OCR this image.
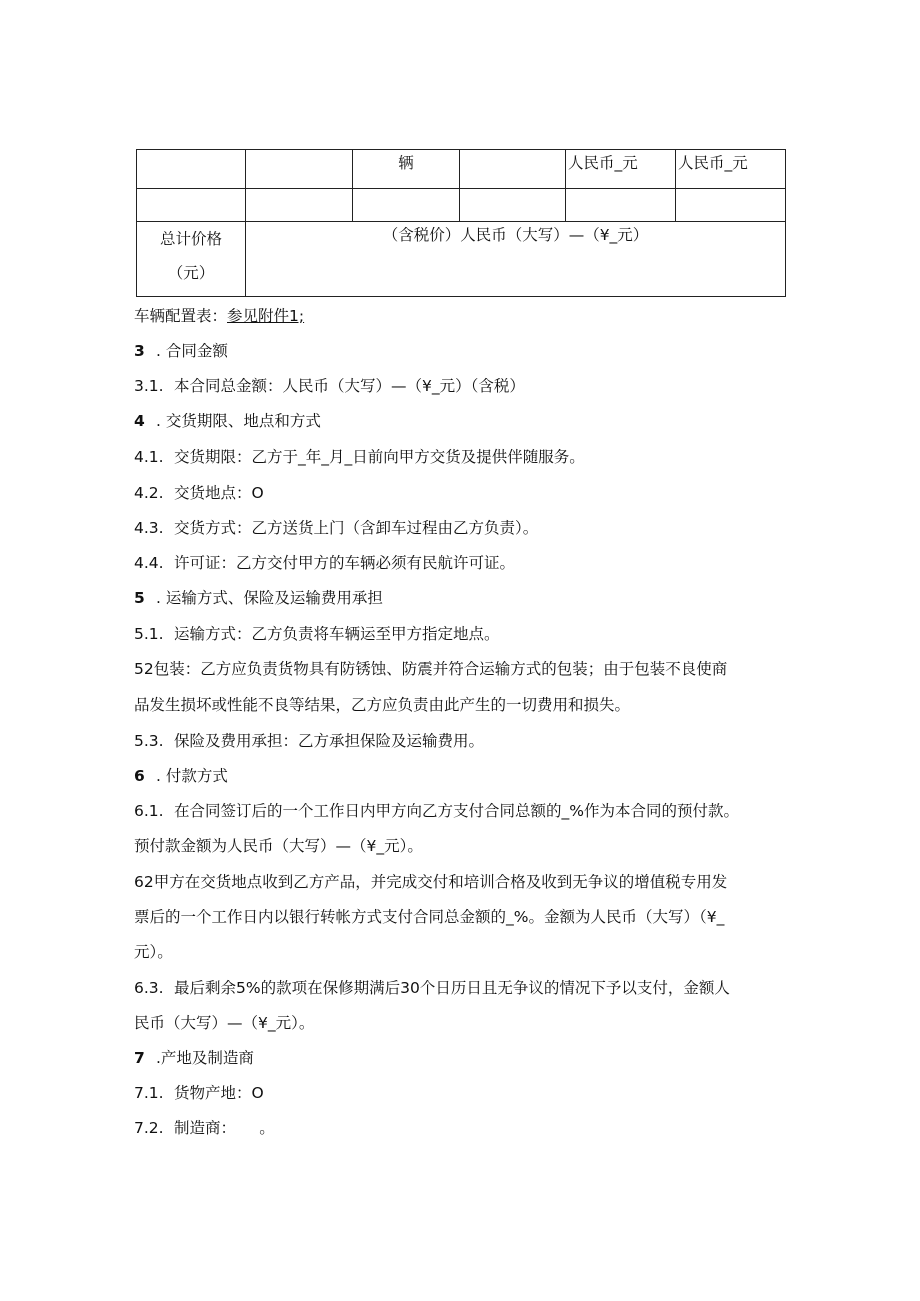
		辆		人民币_元	人民币_元

总计价格
（元）	（含税价）人民币（大写）—（¥_元）				
车辆配置表：参见附件1;
3 . 合同金额
3.1. 本合同总金额：人民币（大写）—（¥_元）（含税）
4 . 交货期限、地点和方式
4.1. 交货期限：乙方于_年_月_日前向甲方交货及提供伴随服务。
4.2. 交货地点：O
4.3. 交货方式：乙方送货上门（含卸车过程由乙方负责）。
4.4. 许可证：乙方交付甲方的车辆必须有民航许可证。
5 . 运输方式、保险及运输费用承担
5.1. 运输方式：乙方负责将车辆运至甲方指定地点。
52包装：乙方应负责货物具有防锈蚀、防震并符合运输方式的包装；由于包装不良使商
品发生损坏或性能不良等结果，乙方应负责由此产生的一切费用和损失。
5.3. 保险及费用承担：乙方承担保险及运输费用。
6 . 付款方式
6.1. 在合同签订后的一个工作日内甲方向乙方支付合同总额的_%作为本合同的预付款。
预付款金额为人民币（大写）—（¥_元）。
62甲方在交货地点收到乙方产品，并完成交付和培训合格及收到无争议的增值税专用发
票后的一个工作日内以银行转帐方式支付合同总金额的_%。金额为人民币（大写）（¥_
元）。
6.3. 最后剩余5%的款项在保修期满后30个日历日且无争议的情况下予以支付，金额人
民币（大写）—（¥_元）。
7 .产地及制造商
7.1. 货物产地：O
7.2. 制造商：　　。
